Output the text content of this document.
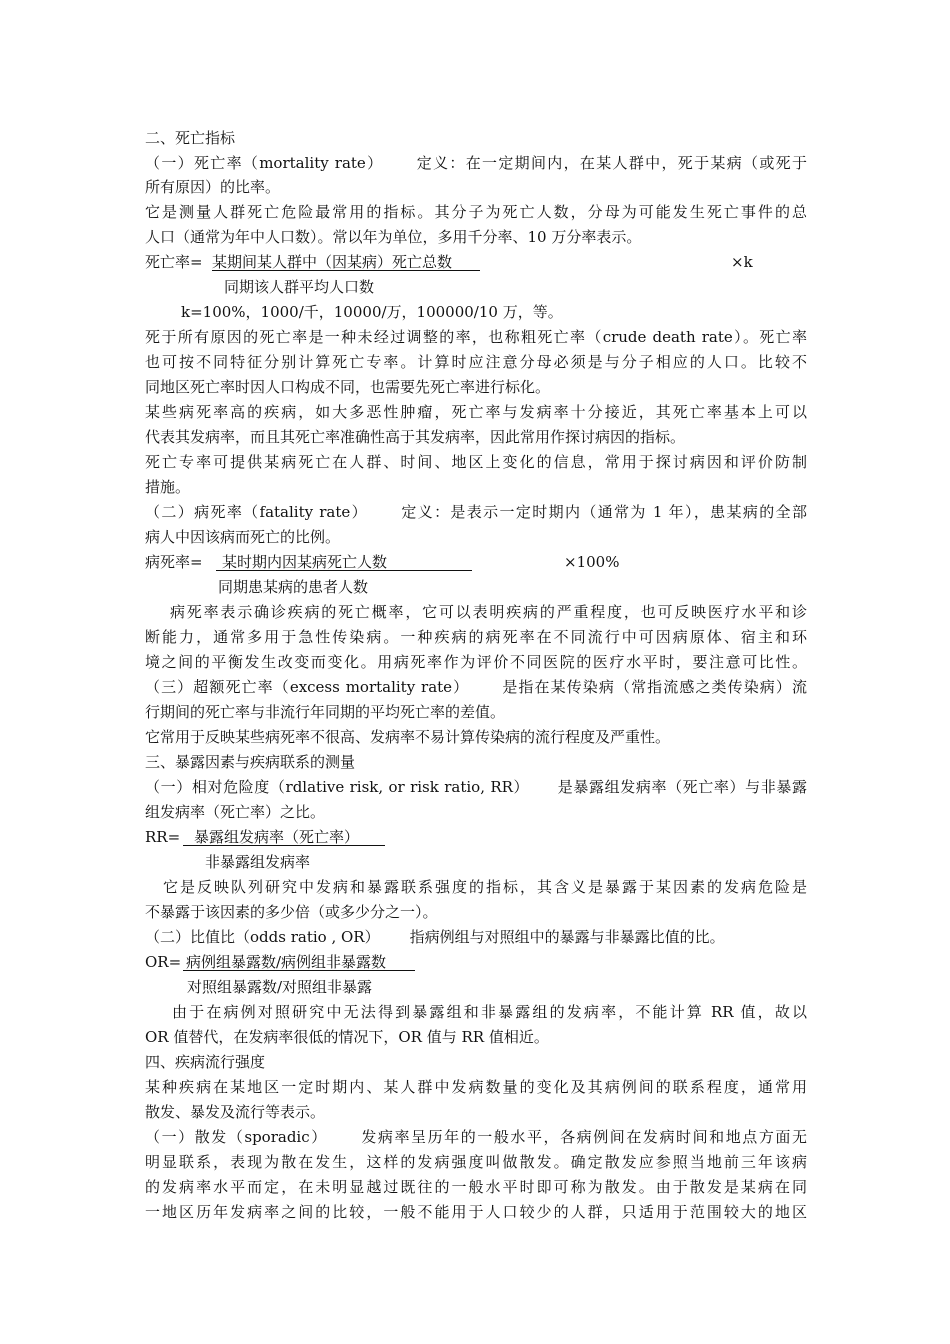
二、死亡指标
（一）死亡率（mortality rate） 定义：在一定期间内，在某人群中，死于某病（或死于
所有原因）的比率。
它是测量人群死亡危险最常用的指标。其分子为死亡人数，分母为可能发生死亡事件的总
人口（通常为年中人口数）。常以年为单位，多用千分率、10 万分率表示。
死亡率= 某期间某人群中（因某病）死亡总数	×k
同期该人群平均人口数
k=100%，1000/千，10000/万，100000/10 万，等。
死于所有原因的死亡率是一种未经过调整的率，也称粗死亡率（crude death rate）。死亡率
也可按不同特征分别计算死亡专率。计算时应注意分母必须是与分子相应的人口。比较不
同地区死亡率时因人口构成不同，也需要先死亡率进行标化。
某些病死率高的疾病，如大多恶性肿瘤，死亡率与发病率十分接近，其死亡率基本上可以
代表其发病率，而且其死亡率准确性高于其发病率，因此常用作探讨病因的指标。
死亡专率可提供某病死亡在人群、时间、地区上变化的信息，常用于探讨病因和评价防制
措施。
（二）病死率（fatality rate） 定义：是表示一定时期内（通常为 1 年），患某病的全部
病人中因该病而死亡的比例。
病死率= 某时期内因某病死亡人数	×100%
同期患某病的患者人数
病死率表示确诊疾病的死亡概率，它可以表明疾病的严重程度，也可反映医疗水平和诊
断能力，通常多用于急性传染病。一种疾病的病死率在不同流行中可因病原体、宿主和环
境之间的平衡发生改变而变化。用病死率作为评价不同医院的医疗水平时，要注意可比性。
（三）超额死亡率（excess mortality rate） 是指在某传染病（常指流感之类传染病）流
行期间的死亡率与非流行年同期的平均死亡率的差值。
它常用于反映某些病死率不很高、发病率不易计算传染病的流行程度及严重性。
三、暴露因素与疾病联系的测量
（一）相对危险度（rdlative risk, or risk ratio, RR） 是暴露组发病率（死亡率）与非暴露
组发病率（死亡率）之比。
RR= 暴露组发病率（死亡率）
非暴露组发病率
它是反映队列研究中发病和暴露联系强度的指标，其含义是暴露于某因素的发病危险是
不暴露于该因素的多少倍（或多少分之一）。
（二）比值比（odds ratio , OR） 指病例组与对照组中的暴露与非暴露比值的比。
OR= 病例组暴露数/病例组非暴露数
对照组暴露数/对照组非暴露
由于在病例对照研究中无法得到暴露组和非暴露组的发病率，不能计算 RR 值，故以
OR 值替代，在发病率很低的情况下，OR 值与 RR 值相近。
四、疾病流行强度
某种疾病在某地区一定时期内、某人群中发病数量的变化及其病例间的联系程度，通常用
散发、暴发及流行等表示。
（一）散发（sporadic） 发病率呈历年的一般水平，各病例间在发病时间和地点方面无
明显联系，表现为散在发生，这样的发病强度叫做散发。确定散发应参照当地前三年该病
的发病率水平而定，在未明显越过既往的一般水平时即可称为散发。由于散发是某病在同
一地区历年发病率之间的比较，一般不能用于人口较少的人群，只适用于范围较大的地区
